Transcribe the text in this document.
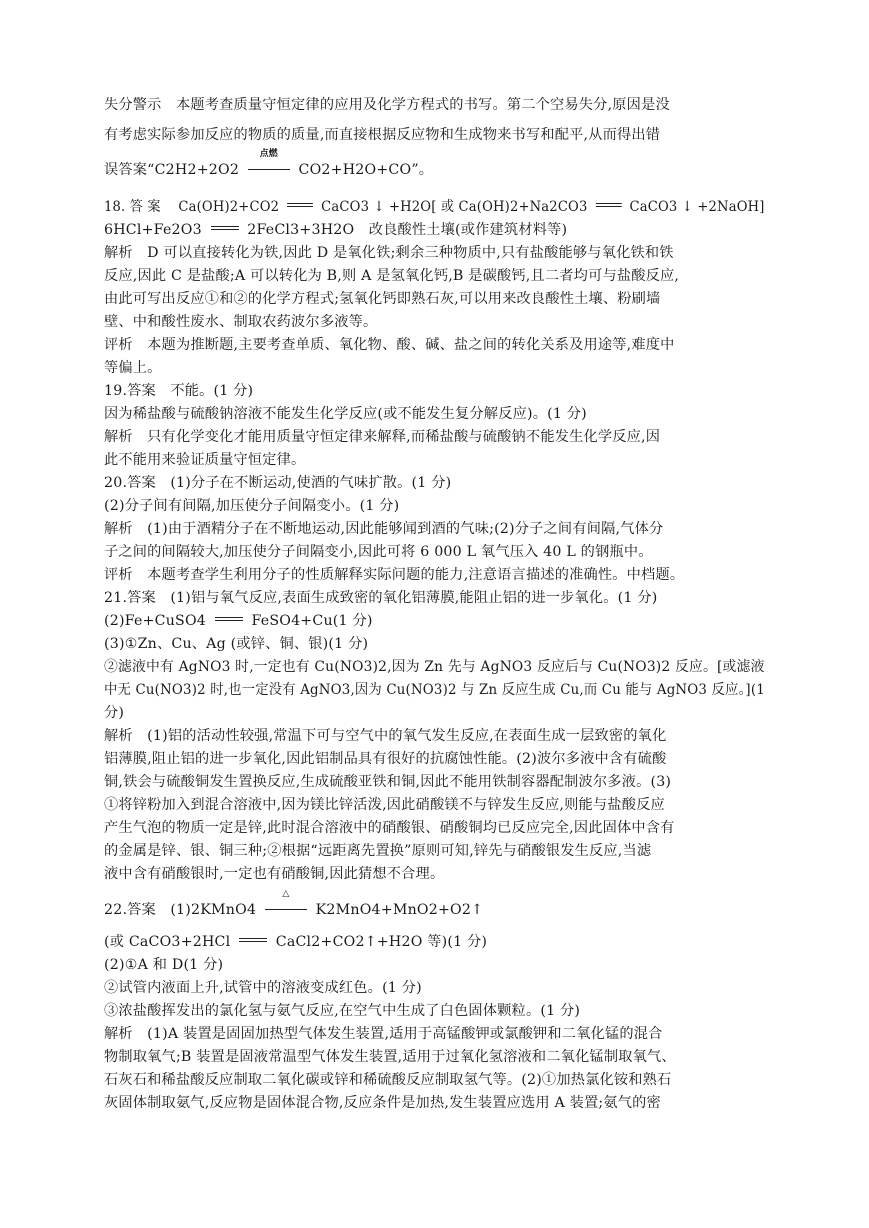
失分警示　本题考查质量守恒定律的应用及化学方程式的书写。第二个空易失分,原因是没
有考虑实际参加反应的物质的质量,而直接根据反应物和生成物来书写和配平,从而得出错
误答案“C2H2+2O2
点燃
CO2+H2O+CO”。
18. 答 案　 Ca(OH)2+CO2	CaCO3 ↓ +H2O[ 或 Ca(OH)2+Na2CO3	CaCO3 ↓ +2NaOH]
6HCl+Fe2O3	2FeCl3+3H2O　改良酸性土壤(或作建筑材料等)
解析　D 可以直接转化为铁,因此 D 是氧化铁;剩余三种物质中,只有盐酸能够与氧化铁和铁
反应,因此 C 是盐酸;A 可以转化为 B,则 A 是氢氧化钙,B 是碳酸钙,且二者均可与盐酸反应,
由此可写出反应①和②的化学方程式;氢氧化钙即熟石灰,可以用来改良酸性土壤、粉刷墙
壁、中和酸性废水、制取农药波尔多液等。
评析　本题为推断题,主要考查单质、氧化物、酸、碱、盐之间的转化关系及用途等,难度中
等偏上。
19.答案　不能。(1 分)
因为稀盐酸与硫酸钠溶液不能发生化学反应(或不能发生复分解反应)。(1 分)
解析　只有化学变化才能用质量守恒定律来解释,而稀盐酸与硫酸钠不能发生化学反应,因
此不能用来验证质量守恒定律。
20.答案　(1)分子在不断运动,使酒的气味扩散。(1 分)
(2)分子间有间隔,加压使分子间隔变小。(1 分)
解析　(1)由于酒精分子在不断地运动,因此能够闻到酒的气味;(2)分子之间有间隔,气体分
子之间的间隔较大,加压使分子间隔变小,因此可将 6 000 L 氧气压入 40 L 的钢瓶中。
评析　本题考查学生利用分子的性质解释实际问题的能力,注意语言描述的准确性。中档题。
21.答案　(1)铝与氧气反应,表面生成致密的氧化铝薄膜,能阻止铝的进一步氧化。(1 分)
(2)Fe+CuSO4	FeSO4+Cu(1 分)
(3)①Zn、Cu、Ag (或锌、铜、银)(1 分)
②滤液中有 AgNO3 时,一定也有 Cu(NO3)2,因为 Zn 先与 AgNO3 反应后与 Cu(NO3)2 反应。[或滤液
中无 Cu(NO3)2 时,也一定没有 AgNO3,因为 Cu(NO3)2 与 Zn 反应生成 Cu,而 Cu 能与 AgNO3 反应。](1
分)
解析　(1)铝的活动性较强,常温下可与空气中的氧气发生反应,在表面生成一层致密的氧化
铝薄膜,阻止铝的进一步氧化,因此铝制品具有很好的抗腐蚀性能。(2)波尔多液中含有硫酸
铜,铁会与硫酸铜发生置换反应,生成硫酸亚铁和铜,因此不能用铁制容器配制波尔多液。(3)
①将锌粉加入到混合溶液中,因为镁比锌活泼,因此硝酸镁不与锌发生反应,则能与盐酸反应
产生气泡的物质一定是锌,此时混合溶液中的硝酸银、硝酸铜均已反应完全,因此固体中含有
的金属是锌、银、铜三种;②根据“远距离先置换”原则可知,锌先与硝酸银发生反应,当滤
液中含有硝酸银时,一定也有硝酸铜,因此猜想不合理。
22.答案　(1)2KMnO4
△
K2MnO4+MnO2+O2↑
(或 CaCO3+2HCl	CaCl2+CO2↑+H2O 等)(1 分)
(2)①A 和 D(1 分)
②试管内液面上升,试管中的溶液变成红色。(1 分)
③浓盐酸挥发出的氯化氢与氨气反应,在空气中生成了白色固体颗粒。(1 分)
解析　(1)A 装置是固固加热型气体发生装置,适用于高锰酸钾或氯酸钾和二氧化锰的混合
物制取氧气;B 装置是固液常温型气体发生装置,适用于过氧化氢溶液和二氧化锰制取氧气、
石灰石和稀盐酸反应制取二氧化碳或锌和稀硫酸反应制取氢气等。(2)①加热氯化铵和熟石
灰固体制取氨气,反应物是固体混合物,反应条件是加热,发生装置应选用 A 装置;氨气的密
